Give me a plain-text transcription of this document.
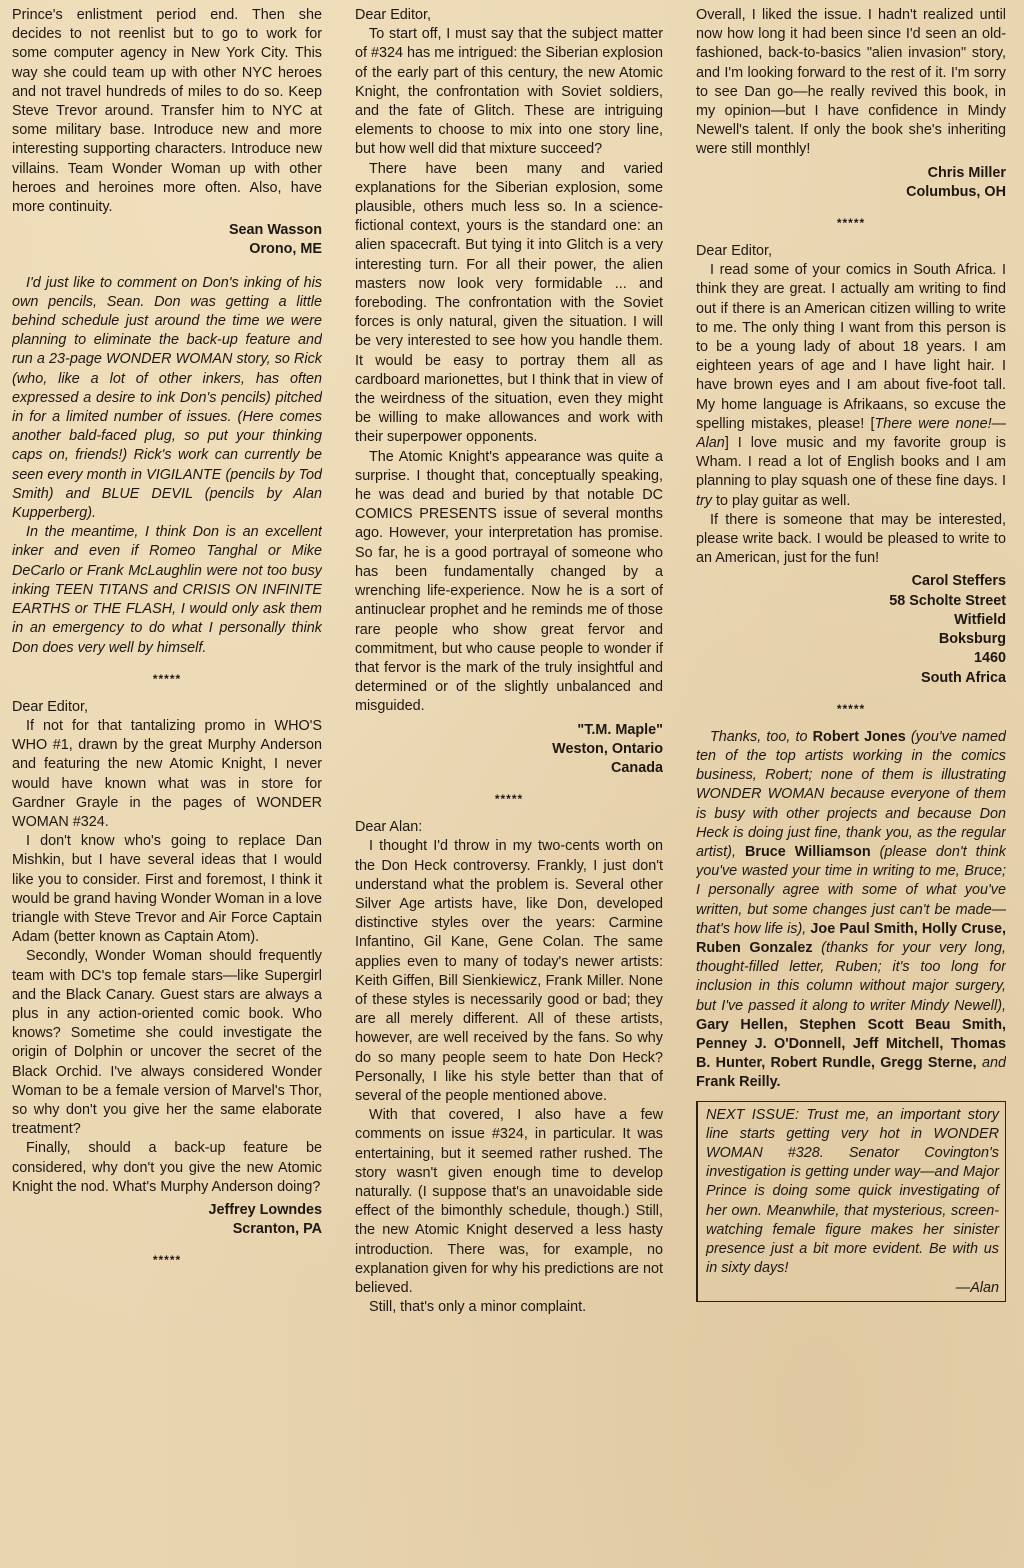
Prince's enlistment period end. Then she decides to not reenlist but to go to work for some computer agency in New York City. This way she could team up with other NYC heroes and not travel hundreds of miles to do so. Keep Steve Trevor around. Transfer him to NYC at some military base. Introduce new and more interesting supporting characters. Introduce new villains. Team Wonder Woman up with other heroes and heroines more often. Also, have more continuity.

Sean Wasson
Orono, ME

I'd just like to comment on Don's inking of his own pencils, Sean. Don was getting a little behind schedule just around the time we were planning to eliminate the back-up feature and run a 23-page WONDER WOMAN story, so Rick (who, like a lot of other inkers, has often expressed a desire to ink Don's pencils) pitched in for a limited number of issues. (Here comes another bald-faced plug, so put your thinking caps on, friends!) Rick's work can currently be seen every month in VIGILANTE (pencils by Tod Smith) and BLUE DEVIL (pencils by Alan Kupperberg).

In the meantime, I think Don is an excellent inker and even if Romeo Tanghal or Mike DeCarlo or Frank McLaughlin were not too busy inking TEEN TITANS and CRISIS ON INFINITE EARTHS or THE FLASH, I would only ask them in an emergency to do what I personally think Don does very well by himself.

*****

Dear Editor,

If not for that tantalizing promo in WHO'S WHO #1, drawn by the great Murphy Anderson and featuring the new Atomic Knight, I never would have known what was in store for Gardner Grayle in the pages of WONDER WOMAN #324.

I don't know who's going to replace Dan Mishkin, but I have several ideas that I would like you to consider. First and foremost, I think it would be grand having Wonder Woman in a love triangle with Steve Trevor and Air Force Captain Adam (better known as Captain Atom).

Secondly, Wonder Woman should frequently team with DC's top female stars—like Supergirl and the Black Canary. Guest stars are always a plus in any action-oriented comic book. Who knows? Sometime she could investigate the origin of Dolphin or uncover the secret of the Black Orchid. I've always considered Wonder Woman to be a female version of Marvel's Thor, so why don't you give her the same elaborate treatment?

Finally, should a back-up feature be considered, why don't you give the new Atomic Knight the nod. What's Murphy Anderson doing?

Jeffrey Lowndes
Scranton, PA
*****

Dear Editor,

To start off, I must say that the subject matter of #324 has me intrigued: the Siberian explosion of the early part of this century, the new Atomic Knight, the confrontation with Soviet soldiers, and the fate of Glitch. These are intriguing elements to choose to mix into one story line, but how well did that mixture succeed?

There have been many and varied explanations for the Siberian explosion, some plausible, others much less so. In a science-fictional context, yours is the standard one: an alien spacecraft. But tying it into Glitch is a very interesting turn. For all their power, the alien masters now look very formidable ... and foreboding. The confrontation with the Soviet forces is only natural, given the situation. I will be very interested to see how you handle them. It would be easy to portray them all as cardboard marionettes, but I think that in view of the weirdness of the situation, even they might be willing to make allowances and work with their superpower opponents.

The Atomic Knight's appearance was quite a surprise. I thought that, conceptually speaking, he was dead and buried by that notable DC COMICS PRESENTS issue of several months ago. However, your interpretation has promise. So far, he is a good portrayal of someone who has been fundamentally changed by a wrenching life-experience. Now he is a sort of antinuclear prophet and he reminds me of those rare people who show great fervor and commitment, but who cause people to wonder if that fervor is the mark of the truly insightful and determined or of the slightly unbalanced and misguided.

"T.M. Maple"
Weston, Ontario
Canada
*****

Dear Alan:

I thought I'd throw in my two-cents worth on the Don Heck controversy. Frankly, I just don't understand what the problem is. Several other Silver Age artists have, like Don, developed distinctive styles over the years: Carmine Infantino, Gil Kane, Gene Colan. The same applies even to many of today's newer artists: Keith Giffen, Bill Sienkiewicz, Frank Miller. None of these styles is necessarily good or bad; they are all merely different. All of these artists, however, are well received by the fans. So why do so many people seem to hate Don Heck? Personally, I like his style better than that of several of the people mentioned above.

With that covered, I also have a few comments on issue #324, in particular. It was entertaining, but it seemed rather rushed. The story wasn't given enough time to develop naturally. (I suppose that's an unavoidable side effect of the bimonthly schedule, though.) Still, the new Atomic Knight deserved a less hasty introduction. There was, for example, no explanation given for why his predictions are not believed.

Still, that's only a minor complaint.

Overall, I liked the issue. I hadn't realized until now how long it had been since I'd seen an old-fashioned, back-to-basics "alien invasion" story, and I'm looking forward to the rest of it. I'm sorry to see Dan go—he really revived this book, in my opinion—but I have confidence in Mindy Newell's talent. If only the book she's inheriting were still monthly!

Chris Miller
Columbus, OH
*****

Dear Editor,

I read some of your comics in South Africa. I think they are great. I actually am writing to find out if there is an American citizen willing to write to me. The only thing I want from this person is to be a young lady of about 18 years. I am eighteen years of age and I have light hair. I have brown eyes and I am about five-foot tall. My home language is Afrikaans, so excuse the spelling mistakes, please! [There were none!—Alan] I love music and my favorite group is Wham. I read a lot of English books and I am planning to play squash one of these fine days. I try to play guitar as well.

If there is someone that may be interested, please write back. I would be pleased to write to an American, just for the fun!

Carol Steffers
58 Scholte Street
Witfield
Boksburg
1460
South Africa
*****

Thanks, too, to Robert Jones (you've named ten of the top artists working in the comics business, Robert; none of them is illustrating WONDER WOMAN because everyone of them is busy with other projects and because Don Heck is doing just fine, thank you, as the regular artist), Bruce Williamson (please don't think you've wasted your time in writing to me, Bruce; I personally agree with some of what you've written, but some changes just can't be made—that's how life is), Joe Paul Smith, Holly Cruse, Ruben Gonzalez (thanks for your very long, thought-filled letter, Ruben; it's too long for inclusion in this column without major surgery, but I've passed it along to writer Mindy Newell), Gary Hellen, Stephen Scott Beau Smith, Penney J. O'Donnell, Jeff Mitchell, Thomas B. Hunter, Robert Rundle, Gregg Sterne, and Frank Reilly.

NEXT ISSUE: Trust me, an important story line starts getting very hot in WONDER WOMAN #328. Senator Covington's investigation is getting under way—and Major Prince is doing some quick investigating of her own. Meanwhile, that mysterious, screen-watching female figure makes her sinister presence just a bit more evident. Be with us in sixty days!

—Alan
